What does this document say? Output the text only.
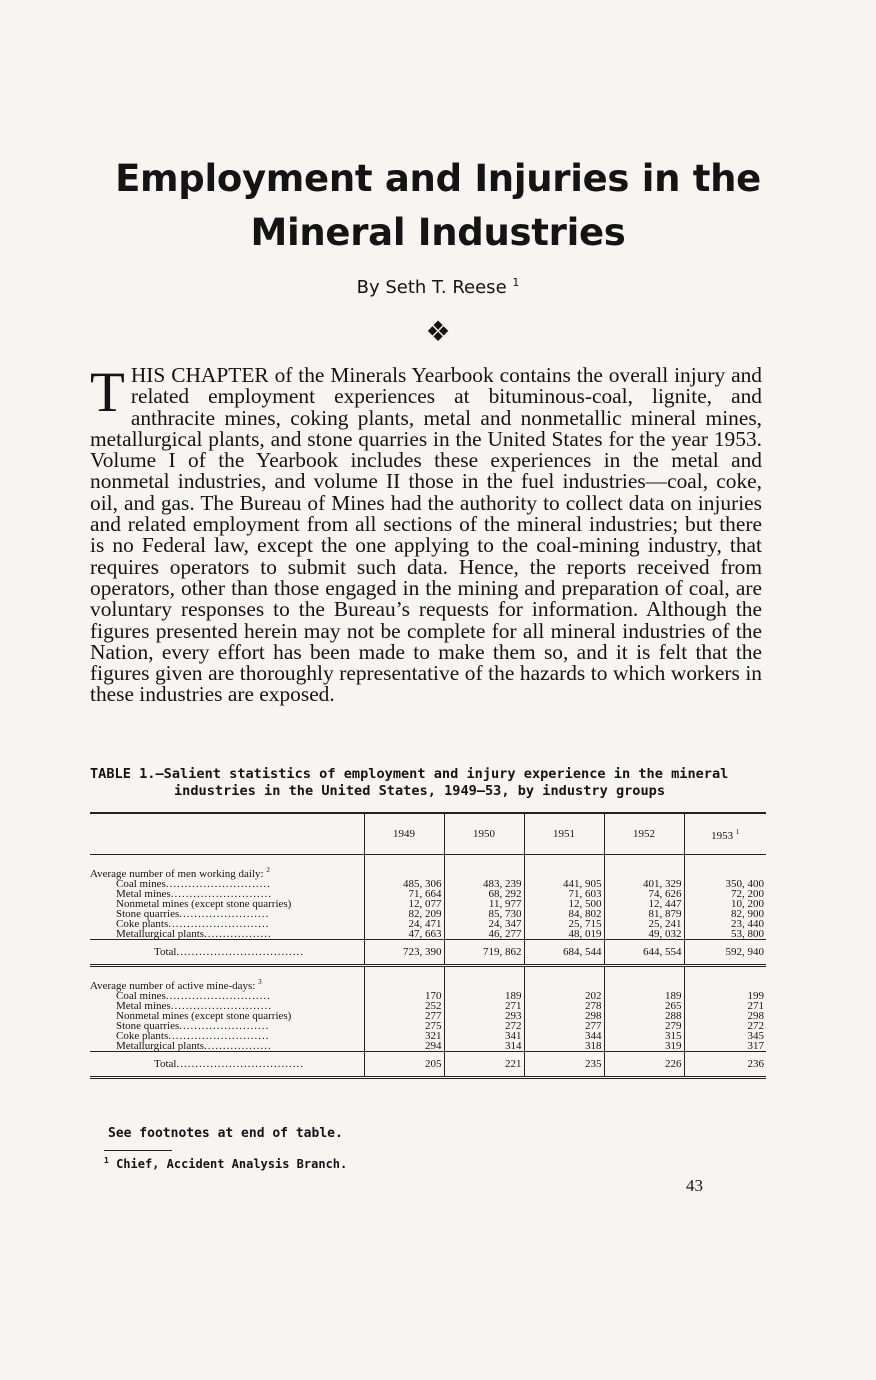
Employment and Injuries in the Mineral Industries
By Seth T. Reese $^1$
❖

THIS CHAPTER of the Minerals Yearbook contains the overall injury and related employment experiences at bituminous-coal, lignite, and anthracite mines, coking plants, metal and nonmetallic mineral mines, metallurgical plants, and stone quarries in the United States for the year 1953. Volume I of the Yearbook includes these experiences in the metal and nonmetal industries, and volume II those in the fuel industries—coal, coke, oil, and gas. The Bureau of Mines had the authority to collect data on injuries and related employment from all sections of the mineral industries; but there is no Federal law, except the one applying to the coal-mining industry, that requires operators to submit such data. Hence, the reports received from operators, other than those engaged in the mining and preparation of coal, are voluntary responses to the Bureau’s requests for information. Although the figures presented herein may not be complete for all mineral industries of the Nation, every effort has been made to make them so, and it is felt that the figures given are thoroughly representative of the hazards to which workers in these industries are exposed.

TABLE 1.—Salient statistics of employment and injury experience in the mineral
industries in the United States, 1949–53, by industry groups
	1949	1950	1951	1952	1953 $^1$
Average number of men working daily: $^2$					
Coal mines............................	485, 306	483, 239	441, 905	401, 329	350, 400
Metal mines...........................	71, 664	68, 292	71, 603	74, 626	72, 200
Nonmetal mines (except stone quarries)	12, 077	11, 977	12, 500	12, 447	10, 200
Stone quarries........................	82, 209	85, 730	84, 802	81, 879	82, 900
Coke plants...........................	24, 471	24, 347	25, 715	25, 241	23, 440
Metallurgical plants..................	47, 663	46, 277	48, 019	49, 032	53, 800
Total..................................	723, 390	719, 862	684, 544	644, 554	592, 940
Average number of active mine-days: $^3$					
Coal mines............................	170	189	202	189	199
Metal mines...........................	252	271	278	265	271
Nonmetal mines (except stone quarries)	277	293	298	288	298
Stone quarries........................	275	272	277	279	272
Coke plants...........................	321	341	344	315	345
Metallurgical plants..................	294	314	318	319	317
Total..................................	205	221	235	226	236
See footnotes at end of table.
$^1$ Chief, Accident Analysis Branch.
43
